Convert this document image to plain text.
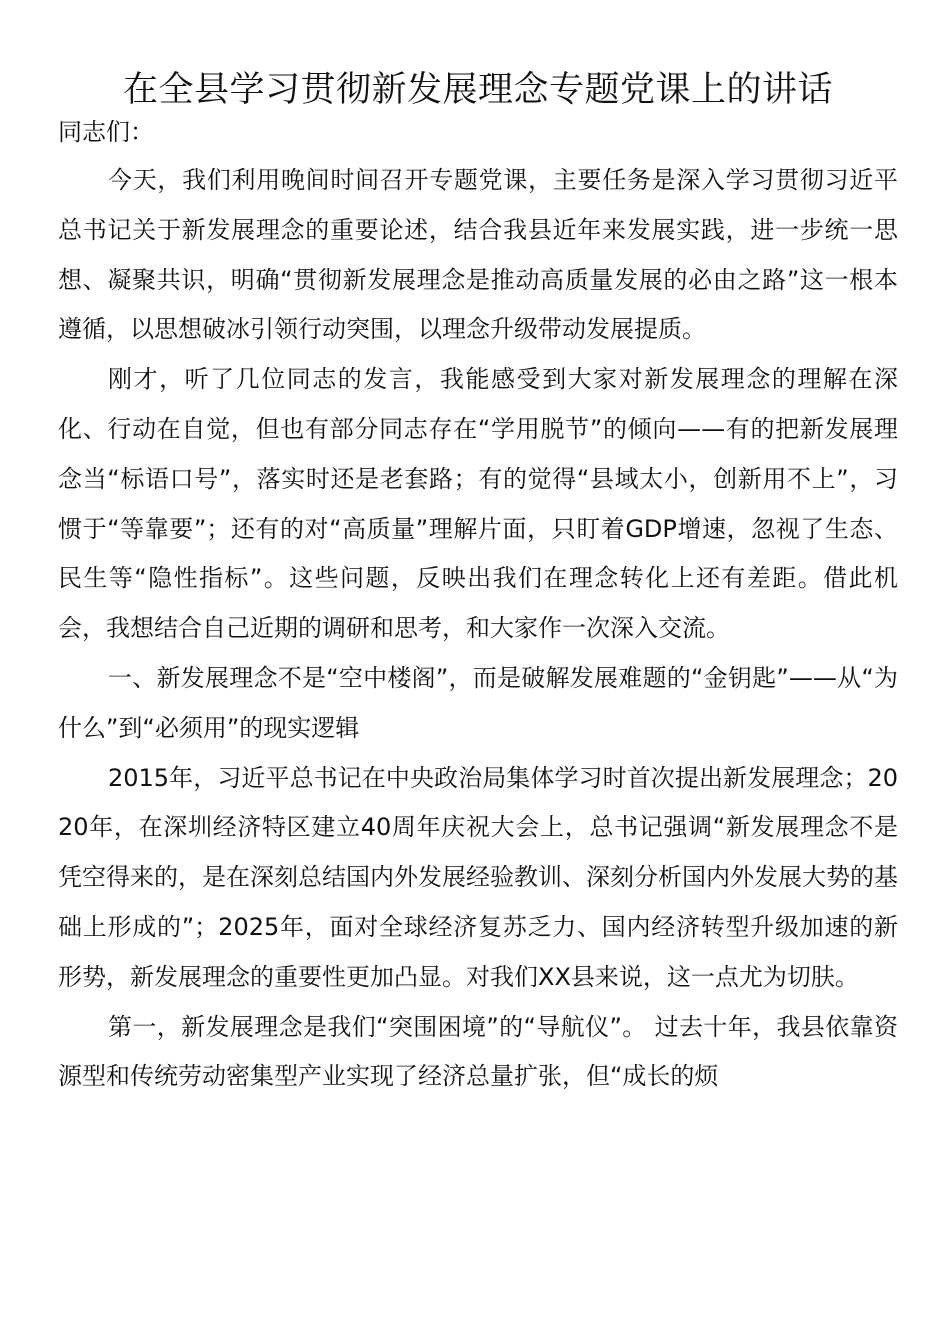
在全县学习贯彻新发展理念专题党课上的讲话

同志们：

今天，我们利用晚间时间召开专题党课，主要任务是深入学习贯彻习近平总书记关于新发展理念的重要论述，结合我县近年来发展实践，进一步统一思想、凝聚共识，明确“贯彻新发展理念是推动高质量发展的必由之路”这一根本遵循，以思想破冰引领行动突围，以理念升级带动发展提质。

刚才，听了几位同志的发言，我能感受到大家对新发展理念的理解在深化、行动在自觉，但也有部分同志存在“学用脱节”的倾向——有的把新发展理念当“标语口号”，落实时还是老套路；有的觉得“县域太小，创新用不上”，习惯于“等靠要”；还有的对“高质量”理解片面，只盯着GDP增速，忽视了生态、民生等“隐性指标”。这些问题，反映出我们在理念转化上还有差距。借此机会，我想结合自己近期的调研和思考，和大家作一次深入交流。

一、新发展理念不是“空中楼阁”，而是破解发展难题的“金钥匙”——从“为什么”到“必须用”的现实逻辑

2015年，习近平总书记在中央政治局集体学习时首次提出新发展理念；2020年，在深圳经济特区建立40周年庆祝大会上，总书记强调“新发展理念不是凭空得来的，是在深刻总结国内外发展经验教训、深刻分析国内外发展大势的基础上形成的”；2025年，面对全球经济复苏乏力、国内经济转型升级加速的新形势，新发展理念的重要性更加凸显。对我们XX县来说，这一点尤为切肤。

第一，新发展理念是我们“突围困境”的“导航仪”。 过去十年，我县依靠资源型和传统劳动密集型产业实现了经济总量扩张，但“成长的烦
